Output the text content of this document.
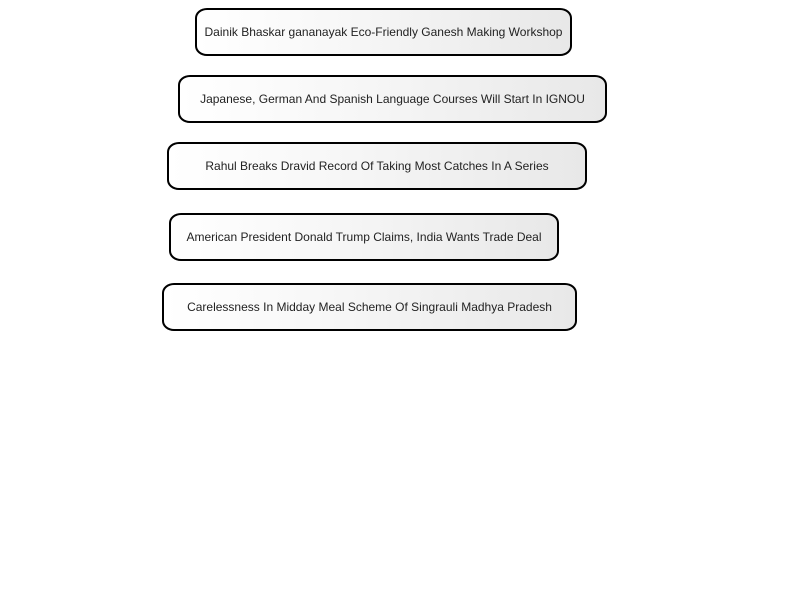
Dainik Bhaskar gananayak Eco-Friendly Ganesh Making Workshop
Japanese, German And Spanish Language Courses Will Start In IGNOU
Rahul Breaks Dravid Record Of Taking Most Catches In A Series
American President Donald Trump Claims, India Wants Trade Deal
Carelessness In Midday Meal Scheme Of Singrauli Madhya Pradesh
